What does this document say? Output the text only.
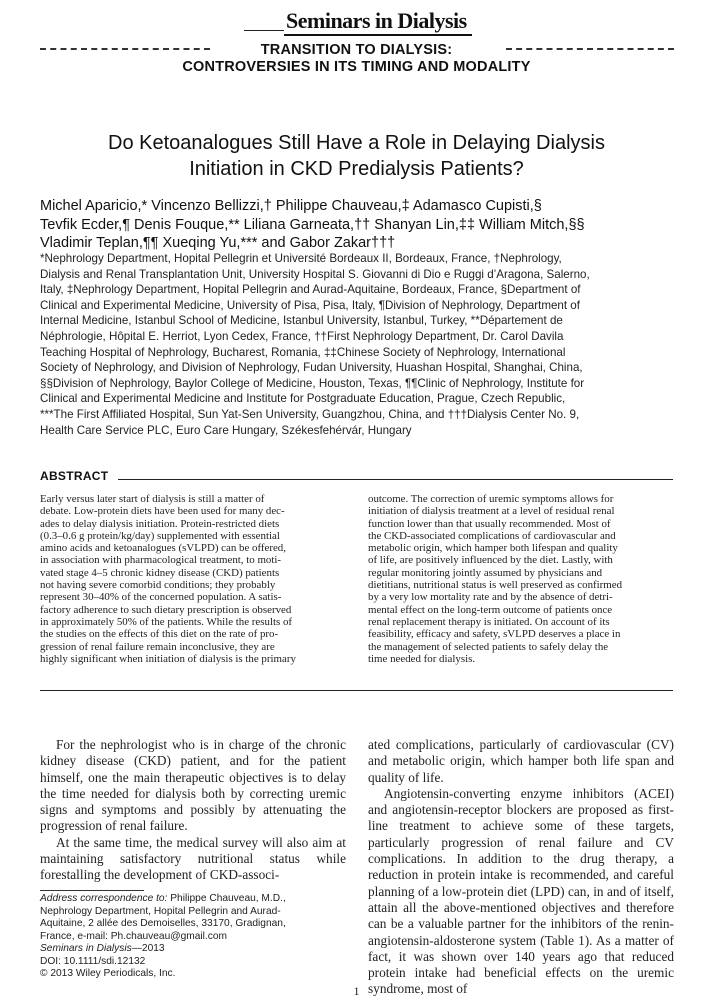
Seminars in Dialysis
TRANSITION TO DIALYSIS:
CONTROVERSIES IN ITS TIMING AND MODALITY
Do Ketoanalogues Still Have a Role in Delaying Dialysis
Initiation in CKD Predialysis Patients?
Michel Aparicio,* Vincenzo Bellizzi,† Philippe Chauveau,‡ Adamasco Cupisti,§
Tevfik Ecder,¶ Denis Fouque,** Liliana Garneata,†† Shanyan Lin,‡‡ William Mitch,§§
Vladimir Teplan,¶¶ Xueqing Yu,*** and Gabor Zakar†††
*Nephrology Department, Hopital Pellegrin et Université Bordeaux II, Bordeaux, France, †Nephrology,
Dialysis and Renal Transplantation Unit, University Hospital S. Giovanni di Dio e Ruggi d’Aragona, Salerno,
Italy, ‡Nephrology Department, Hopital Pellegrin and Aurad-Aquitaine, Bordeaux, France, §Department of
Clinical and Experimental Medicine, University of Pisa, Pisa, Italy, ¶Division of Nephrology, Department of
Internal Medicine, Istanbul School of Medicine, Istanbul University, Istanbul, Turkey, **Département de
Néphrologie, Hôpital E. Herriot, Lyon Cedex, France, ††First Nephrology Department, Dr. Carol Davila
Teaching Hospital of Nephrology, Bucharest, Romania, ‡‡Chinese Society of Nephrology, International
Society of Nephrology, and Division of Nephrology, Fudan University, Huashan Hospital, Shanghai, China,
§§Division of Nephrology, Baylor College of Medicine, Houston, Texas, ¶¶Clinic of Nephrology, Institute for
Clinical and Experimental Medicine and Institute for Postgraduate Education, Prague, Czech Republic,
***The First Affiliated Hospital, Sun Yat-Sen University, Guangzhou, China, and †††Dialysis Center No. 9,
Health Care Service PLC, Euro Care Hungary, Székesfehérvár, Hungary
ABSTRACT
Early versus later start of dialysis is still a matter of
debate. Low-protein diets have been used for many dec-
ades to delay dialysis initiation. Protein-restricted diets
(0.3–0.6 g protein/kg/day) supplemented with essential
amino acids and ketoanalogues (sVLPD) can be offered,
in association with pharmacological treatment, to moti-
vated stage 4–5 chronic kidney disease (CKD) patients
not having severe comorbid conditions; they probably
represent 30–40% of the concerned population. A satis-
factory adherence to such dietary prescription is observed
in approximately 50% of the patients. While the results of
the studies on the effects of this diet on the rate of pro-
gression of renal failure remain inconclusive, they are
highly significant when initiation of dialysis is the primary
outcome. The correction of uremic symptoms allows for
initiation of dialysis treatment at a level of residual renal
function lower than that usually recommended. Most of
the CKD-associated complications of cardiovascular and
metabolic origin, which hamper both lifespan and quality
of life, are positively influenced by the diet. Lastly, with
regular monitoring jointly assumed by physicians and
dietitians, nutritional status is well preserved as confirmed
by a very low mortality rate and by the absence of detri-
mental effect on the long-term outcome of patients once
renal replacement therapy is initiated. On account of its
feasibility, efficacy and safety, sVLPD deserves a place in
the management of selected patients to safely delay the
time needed for dialysis.

For the nephrologist who is in charge of the chronic kidney disease (CKD) patient, and for the patient himself, one the main therapeutic objectives is to delay the time needed for dialysis both by correcting uremic signs and symptoms and possibly by attenuating the progression of renal failure.

At the same time, the medical survey will also aim at maintaining satisfactory nutritional status while forestalling the development of CKD-associ-

ated complications, particularly of cardiovascular (CV) and metabolic origin, which hamper both life span and quality of life.

Angiotensin-converting enzyme inhibitors (ACEI) and angiotensin-receptor blockers are proposed as first-line treatment to achieve some of these targets, particularly progression of renal failure and CV complications. In addition to the drug therapy, a reduction in protein intake is recommended, and careful planning of a low-protein diet (LPD) can, in and of itself, attain all the above-mentioned objectives and therefore can be a valuable partner for the inhibitors of the renin-angiotensin-aldosterone system (Table 1). As a matter of fact, it was shown over 140 years ago that reduced protein intake had beneficial effects on the uremic syndrome, most of

Address correspondence to: Philippe Chauveau, M.D.,
Nephrology Department, Hopital Pellegrin and Aurad-
Aquitaine, 2 allée des Demoiselles, 33170, Gradignan,
France, e-mail: Ph.chauveau@gmail.com
Seminars in Dialysis—2013
DOI: 10.1111/sdi.12132
© 2013 Wiley Periodicals, Inc.
1
